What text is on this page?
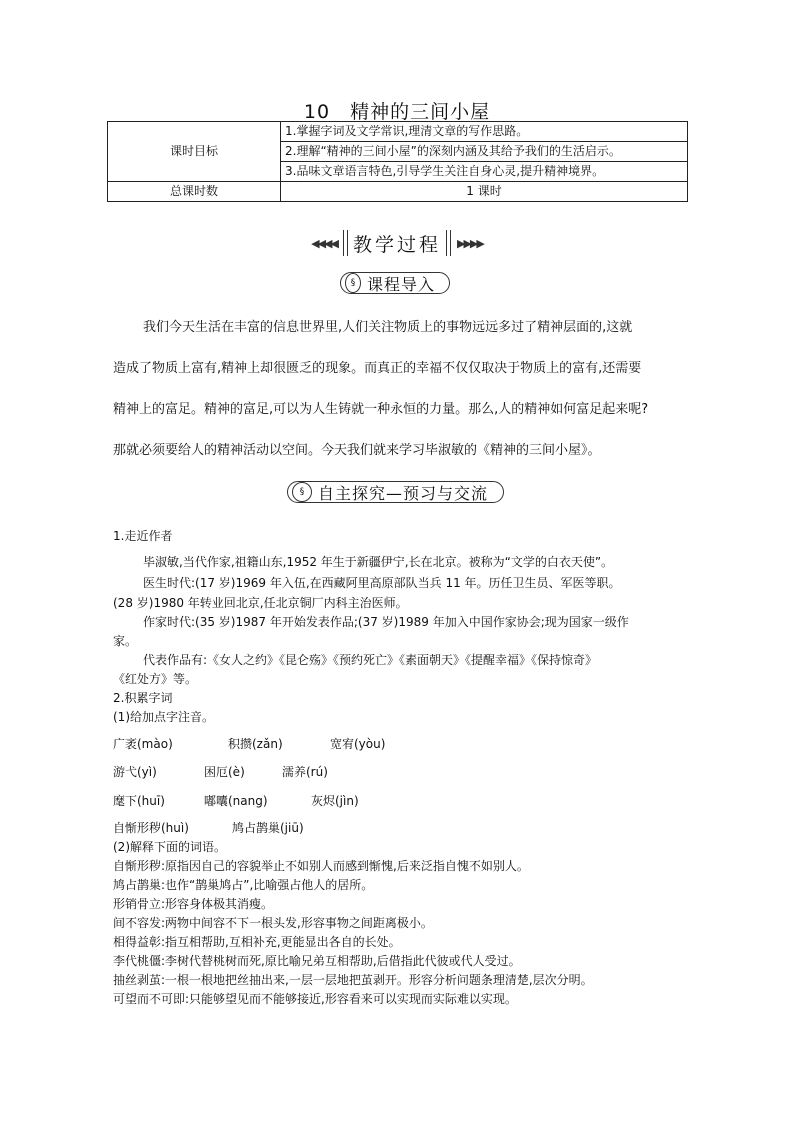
10　精神的三间小屋
课时目标	1.掌握字词及文学常识,理清文章的写作思路。
	2.理解“精神的三间小屋”的深刻内涵及其给予我们的生活启示。
	3.品味文章语言特色,引导学生关注自身心灵,提升精神境界。
总课时数	1 课时
◀◀◀◀ 教学过程 ▶▶▶▶
§ 课程导入
我们今天生活在丰富的信息世界里,人们关注物质上的事物远远多过了精神层面的,这就
造成了物质上富有,精神上却很匮乏的现象。而真正的幸福不仅仅取决于物质上的富有,还需要
精神上的富足。精神的富足,可以为人生铸就一种永恒的力量。那么,人的精神如何富足起来呢?
那就必须要给人的精神活动以空间。今天我们就来学习毕淑敏的《精神的三间小屋》。
§ 自主探究—预习与交流
1.走近作者
毕淑敏,当代作家,祖籍山东,1952 年生于新疆伊宁,长在北京。被称为“文学的白衣天使”。
医生时代:(17 岁)1969 年入伍,在西藏阿里高原部队当兵 11 年。历任卫生员、军医等职。
(28 岁)1980 年转业回北京,任北京铜厂内科主治医师。
作家时代:(35 岁)1987 年开始发表作品;(37 岁)1989 年加入中国作家协会;现为国家一级作
家。
代表作品有:《女人之约》《昆仑殇》《预约死亡》《素面朝天》《提醒幸福》《保持惊奇》
《红处方》等。
2.积累字词
(1)给加点字注音。
广袤(mào)	积攒(zǎn)	宽宥(yòu)
游弋(yì)	困厄(è)	濡养(rú)
麾下(huī)	嘟囔(nang)	灰烬(jìn)
自惭形秽(huì)	鸠占鹊巢(jiū)
(2)解释下面的词语。
自惭形秽:原指因自己的容貌举止不如别人而感到惭愧,后来泛指自愧不如别人。
鸠占鹊巢:也作“鹊巢鸠占”,比喻强占他人的居所。
形销骨立:形容身体极其消瘦。
间不容发:两物中间容不下一根头发,形容事物之间距离极小。
相得益彰:指互相帮助,互相补充,更能显出各自的长处。
李代桃僵:李树代替桃树而死,原比喻兄弟互相帮助,后借指此代彼或代人受过。
抽丝剥茧:一根一根地把丝抽出来,一层一层地把茧剥开。形容分析问题条理清楚,层次分明。
可望而不可即:只能够望见而不能够接近,形容看来可以实现而实际难以实现。
